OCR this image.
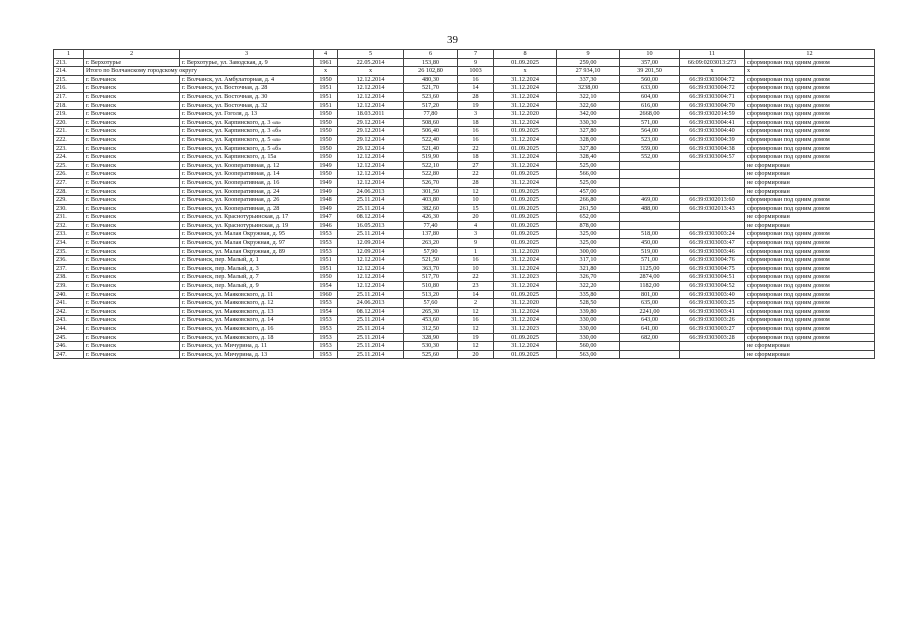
39
1	2	3	4	5	6	7	8	9	10	11	12
213.	г. Верхотурье	г. Верхотурье, ул. Заводская, д. 9	1961	22.05.2014	153,80	9	01.09.2025	259,00	357,00	66:09:0203013:273	сформирован под одним домом
214.	Итого по Волчанскому городскому округу		х	х	26 102,80	1003	х	27 934,10	39 201,50	х	х
215.	г. Волчанск	г. Волчанск, ул. Амбулаторная, д. 4	1950	12.12.2014	480,30	16	31.12.2024	337,30	560,00	66:39:0303004:72	сформирован под одним домом
216.	г. Волчанск	г. Волчанск, ул. Восточная, д. 28	1951	12.12.2014	521,70	14	31.12.2024	3238,00	633,00	66:39:0303004:72	сформирован под одним домом
217.	г. Волчанск	г. Волчанск, ул. Восточная, д. 30	1951	12.12.2014	523,60	28	31.12.2024	322,10	604,00	66:39:0303004:71	сформирован под одним домом
218.	г. Волчанск	г. Волчанск, ул. Восточная, д. 32	1951	12.12.2014	517,20	19	31.12.2024	322,60	616,00	66:39:0303004:70	сформирован под одним домом
219.	г. Волчанск	г. Волчанск, ул. Гоголя, д. 13	1950	18.03.2011	77,80	3	31.12.2020	342,00	2668,00	66:39:0302014:59	сформирован под одним домом
220.	г. Волчанск	г. Волчанск, ул. Карпинского, д. 3 «а»	1950	29.12.2014	508,60	18	31.12.2024	330,30	571,00	66:39:0303004:41	сформирован под одним домом
221.	г. Волчанск	г. Волчанск, ул. Карпинского, д. 3 «б»	1950	29.12.2014	506,40	16	01.09.2025	327,80	564,00	66:39:0303004:40	сформирован под одним домом
222.	г. Волчанск	г. Волчанск, ул. Карпинского, д. 5 «а»	1950	29.12.2014	522,40	16	31.12.2024	328,00	523,00	66:39:0303004:39	сформирован под одним домом
223.	г. Волчанск	г. Волчанск, ул. Карпинского, д. 5 «б»	1950	29.12.2014	521,40	22	01.09.2025	327,80	559,00	66:39:0303004:38	сформирован под одним домом
224.	г. Волчанск	г. Волчанск, ул. Карпинского, д. 15а	1950	12.12.2014	519,90	18	31.12.2024	328,40	552,00	66:39:0303004:57	сформирован под одним домом
225.	г. Волчанск	г. Волчанск, ул. Кооперативная, д. 12	1949	12.12.2014	522,10	27	31.12.2024	525,00			не сформирован
226.	г. Волчанск	г. Волчанск, ул. Кооперативная, д. 14	1950	12.12.2014	522,80	22	01.09.2025	566,00			не сформирован
227.	г. Волчанск	г. Волчанск, ул. Кооперативная, д. 16	1949	12.12.2014	526,70	28	31.12.2024	525,00			не сформирован
228.	г. Волчанск	г. Волчанск, ул. Кооперативная, д. 24	1949	24.06.2013	301,50	12	01.09.2025	457,00			не сформирован
229.	г. Волчанск	г. Волчанск, ул. Кооперативная, д. 26	1948	25.11.2014	403,80	10	01.09.2025	266,80	469,00	66:39:0302013:60	сформирован под одним домом
230.	г. Волчанск	г. Волчанск, ул. Кооперативная, д. 28	1949	25.11.2014	382,60	15	01.09.2025	261,50	488,00	66:39:0302013:43	сформирован под одним домом
231.	г. Волчанск	г. Волчанск, ул. Краснотурьинская, д. 17	1947	08.12.2014	426,30	20	01.09.2025	652,00			не сформирован
232.	г. Волчанск	г. Волчанск, ул. Краснотурьинская, д. 19	1946	16.05.2013	77,40	4	01.09.2025	878,00			не сформирован
233.	г. Волчанск	г. Волчанск, ул. Малая Окружная, д. 95	1953	25.11.2014	137,80	3	01.09.2025	325,00	518,00	66:39:0303003:24	сформирован под одним домом
234.	г. Волчанск	г. Волчанск, ул. Малая Окружная, д. 97	1953	12.09.2014	263,20	9	01.09.2025	325,00	450,00	66:39:0303003:47	сформирован под одним домом
235.	г. Волчанск	г. Волчанск, ул. Малая Окружная, д. 89	1953	12.09.2014	57,90	1	31.12.2020	300,00	519,00	66:39:0303003:46	сформирован под одним домом
236.	г. Волчанск	г. Волчанск, пер. Малый, д. 1	1951	12.12.2014	521,50	16	31.12.2024	317,10	571,00	66:39:0303004:76	сформирован под одним домом
237.	г. Волчанск	г. Волчанск, пер. Малый, д. 3	1951	12.12.2014	363,70	10	31.12.2024	321,80	1125,00	66:39:0303004:75	сформирован под одним домом
238.	г. Волчанск	г. Волчанск, пер. Малый, д. 7	1950	12.12.2014	517,70	22	31.12.2023	326,70	2874,00	66:39:0303004:51	сформирован под одним домом
239.	г. Волчанск	г. Волчанск, пер. Малый, д. 9	1954	12.12.2014	510,80	23	31.12.2024	322,20	1182,00	66:39:0303004:52	сформирован под одним домом
240.	г. Волчанск	г. Волчанск, ул. Маяковского, д. 11	1960	25.11.2014	513,20	14	01.09.2025	335,80	801,00	66:39:0303003:40	сформирован под одним домом
241.	г. Волчанск	г. Волчанск, ул. Маяковского, д. 12	1953	24.06.2013	57,60	2	31.12.2020	528,50	635,00	66:39:0303003:25	сформирован под одним домом
242.	г. Волчанск	г. Волчанск, ул. Маяковского, д. 13	1954	08.12.2014	265,30	12	31.12.2024	339,80	2241,00	66:39:0303003:41	сформирован под одним домом
243.	г. Волчанск	г. Волчанск, ул. Маяковского, д. 14	1953	25.11.2014	453,60	16	31.12.2024	330,00	643,00	66:39:0303003:26	сформирован под одним домом
244.	г. Волчанск	г. Волчанск, ул. Маяковского, д. 16	1953	25.11.2014	312,50	12	31.12.2023	330,00	641,00	66:39:0303003:27	сформирован под одним домом
245.	г. Волчанск	г. Волчанск, ул. Маяковского, д. 18	1953	25.11.2014	328,90	19	01.09.2025	330,00	682,00	66:39:0303003:28	сформирован под одним домом
246.	г. Волчанск	г. Волчанск, ул. Мичурина, д. 11	1953	25.11.2014	530,30	12	31.12.2024	560,00			не сформирован
247.	г. Волчанск	г. Волчанск, ул. Мичурина, д. 13	1953	25.11.2014	525,60	20	01.09.2025	563,00			не сформирован
